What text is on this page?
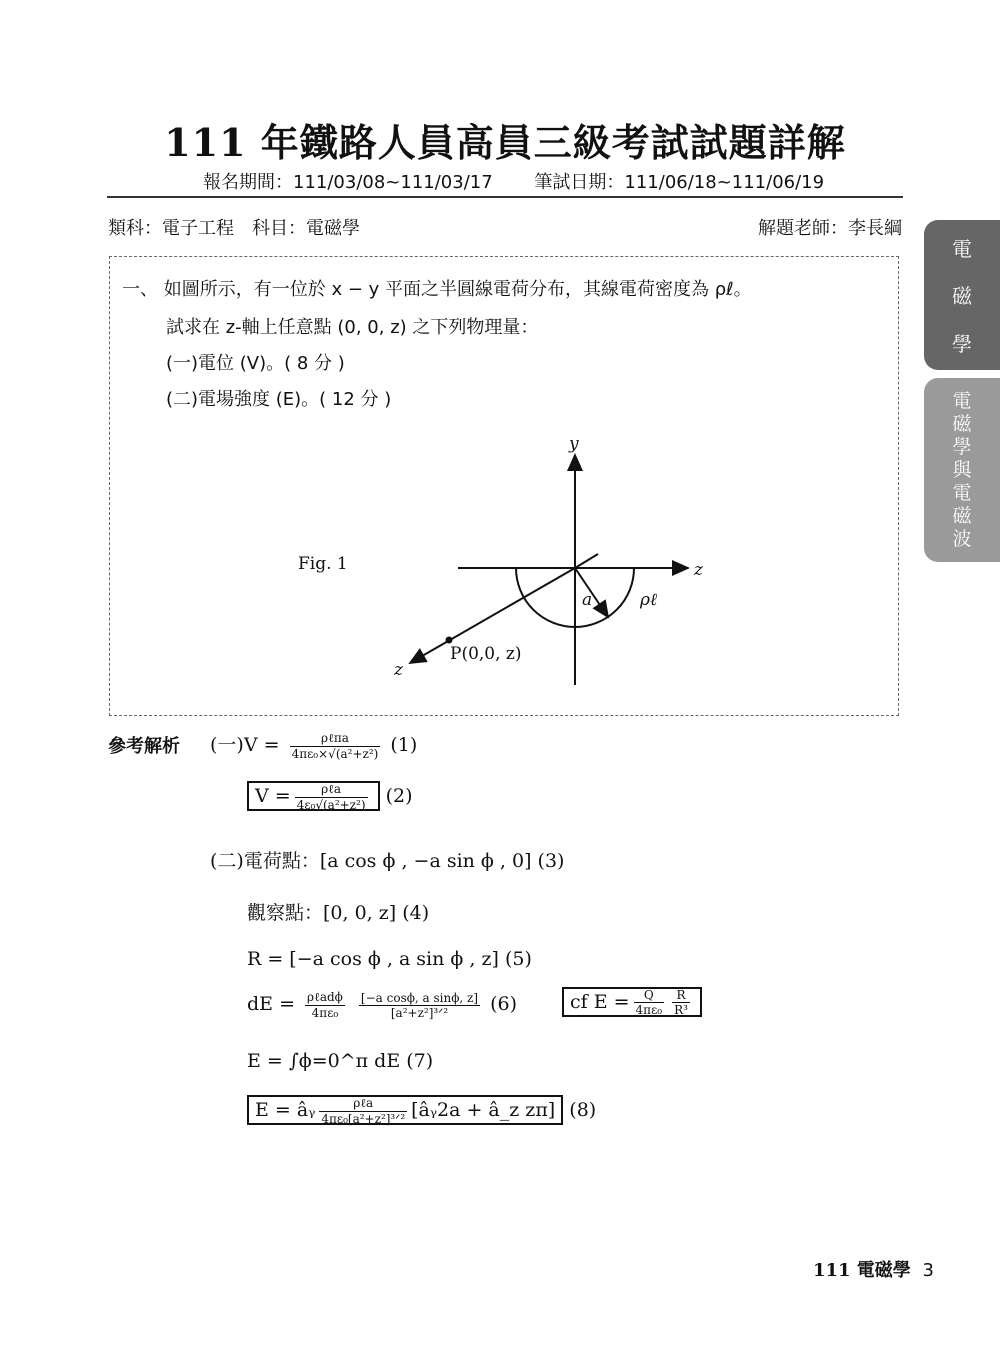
111 年鐵路人員高員三級考試試題詳解
報名期間：111/03/08~111/03/17 筆試日期：111/06/18~111/06/19
類科：電子工程　科目：電磁學	解題老師：李長綱
電
磁
學
電
磁
學
與
電
磁
波
一、 如圖所示，有一位於 x − y 平面之半圓線電荷分布，其線電荷密度為 ρℓ。
試求在 z-軸上任意點 (0, 0, z) 之下列物理量：
(一)電位 (V)。( 8 分 )
(二)電場強度 (E)。( 12 分 )
Fig. 1
y
z
z
a	ρℓ
P(0,0, z)
參考解析 (一)$V = \frac{\text{ρℓπa}}{\text{4πε₀×√(a²+z²)}} (1)$
$V = \frac{\text{ρℓa}}{\text{4ε₀√(a²+z²)}} (2)$
(二)電荷點：[a cos ϕ , −a sin ϕ , 0] (3)
觀察點：[0, 0, z] (4)
R = [−a cos ϕ , a sin ϕ , z] (5)
dE = $\frac{\text{ρℓadϕ}}{\text{4πε₀}}$
$\frac{\text{[−a cosϕ, a sinϕ, z]}}{\text{[a²+z²]³ᐟ²}} (6)$	cf $E = \frac{Q}{\text{4πε₀}} \frac{R}{\text{R³}}$
E = ∫ϕ=0^π dE (7)
E = âᵧ $\frac{\text{ρℓa}}{\text{4πε₀[a²+z²]³ᐟ²}}$ [âᵧ2a + â_z zπ] (8)
111 電磁學 3
